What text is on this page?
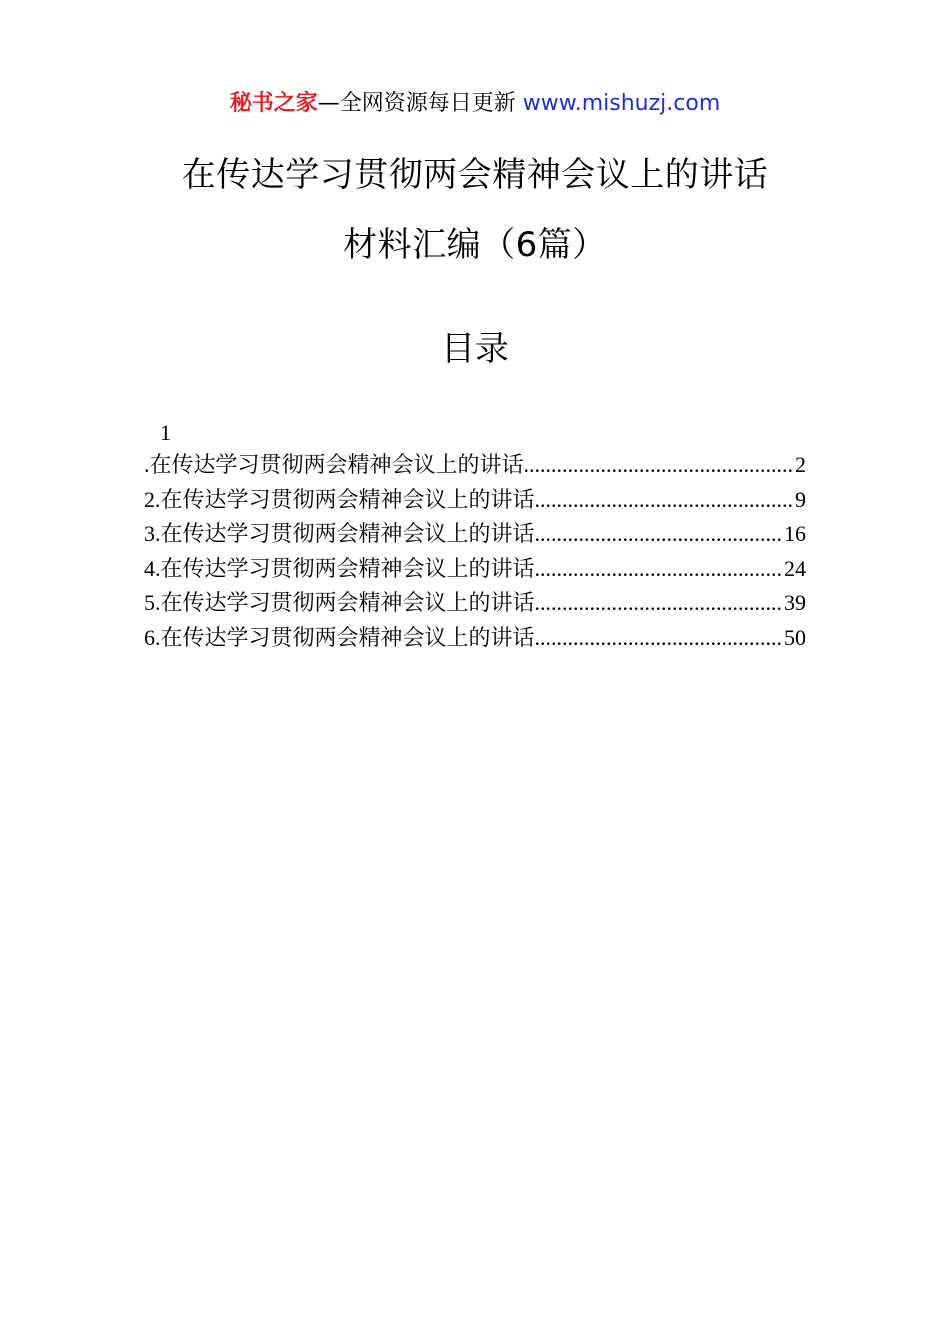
秘书之家—全网资源每日更新 www.mishuzj.com
在传达学习贯彻两会精神会议上的讲话
材料汇编（6篇）
目录
1
. 在传达学习贯彻两会精神会议上的讲话 .....	2
2. 在传达学习贯彻两会精神会议上的讲话 .....	9
3. 在传达学习贯彻两会精神会议上的讲话 .....	16
4. 在传达学习贯彻两会精神会议上的讲话 .....	24
5. 在传达学习贯彻两会精神会议上的讲话 .....	39
6. 在传达学习贯彻两会精神会议上的讲话 .....	50
